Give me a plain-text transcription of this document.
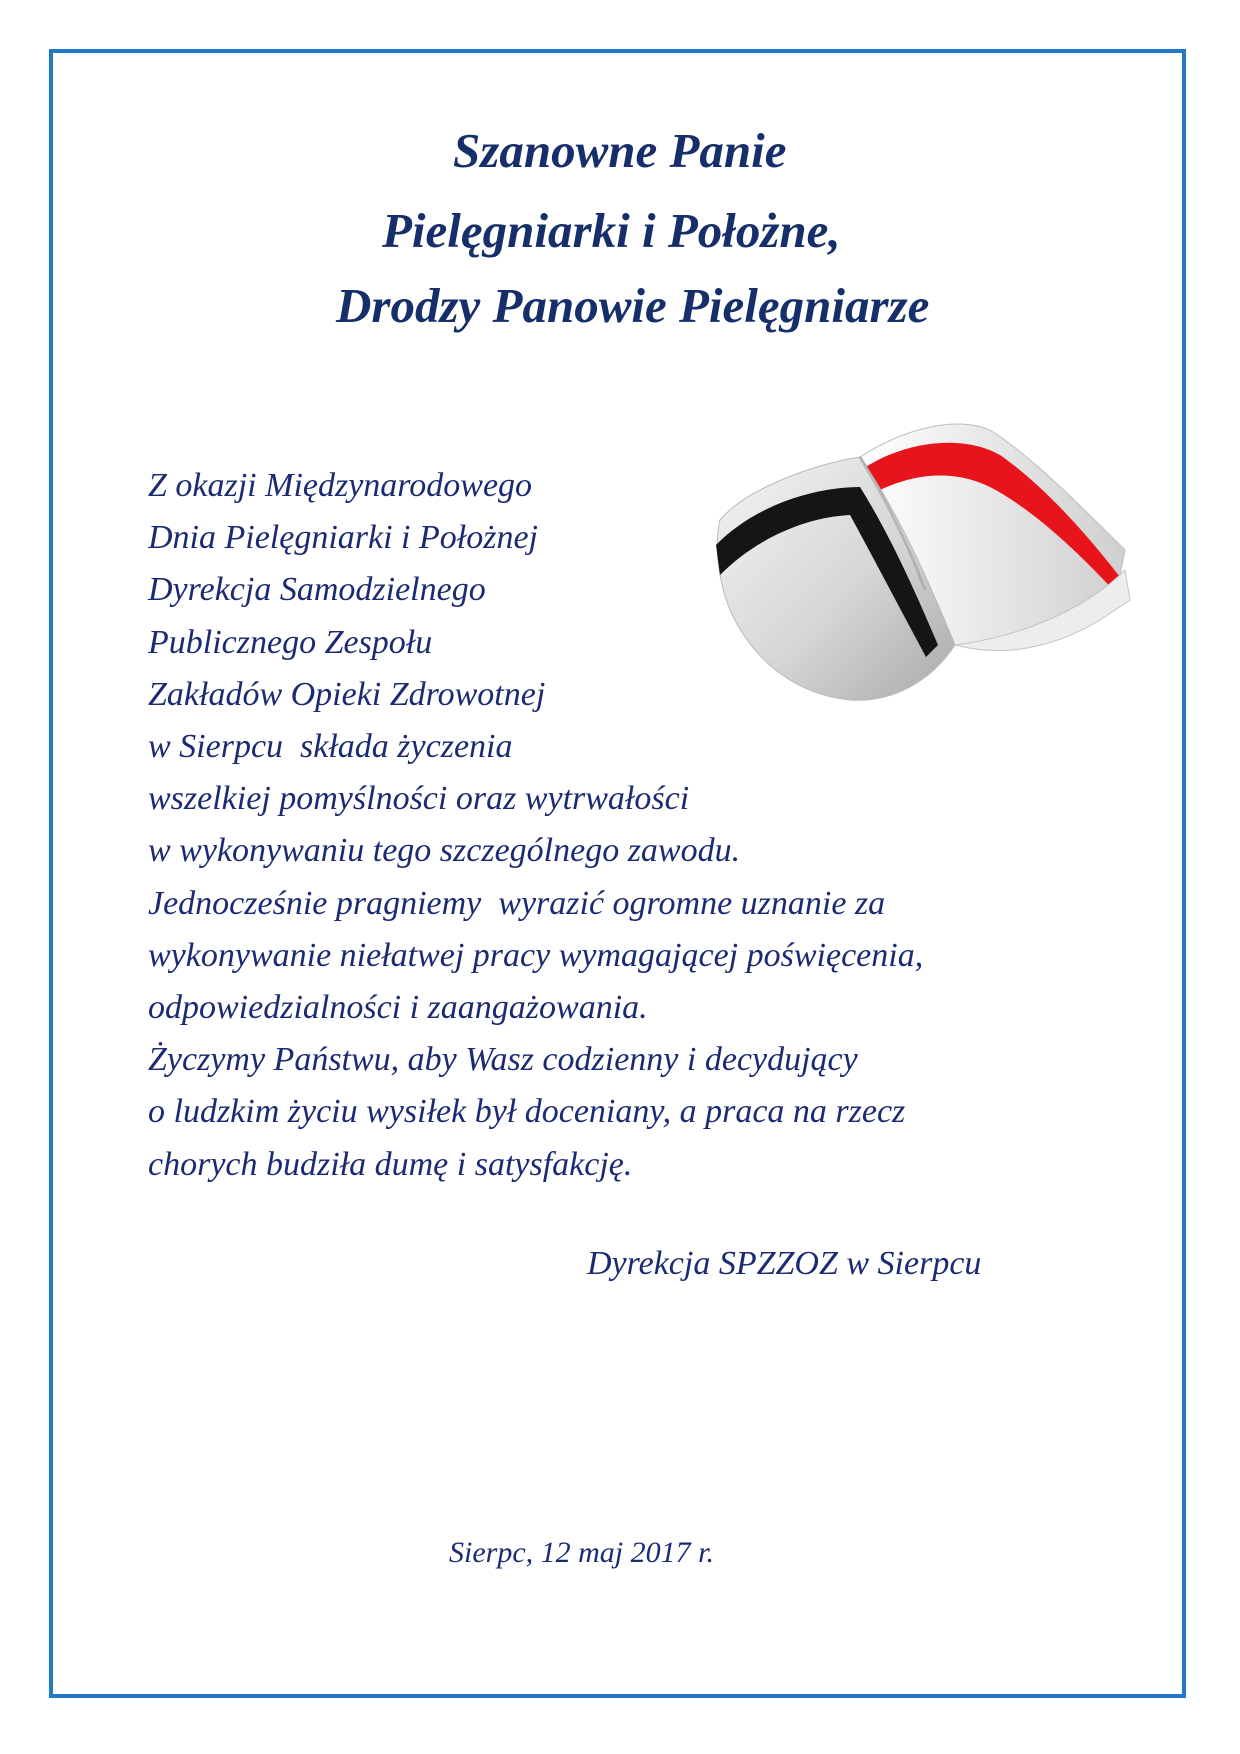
Szanowne Panie
Pielęgniarki i Położne,
Drodzy Panowie Pielęgniarze
Z okazji Międzynarodowego
Dnia Pielęgniarki i Położnej
Dyrekcja Samodzielnego
Publicznego Zespołu
Zakładów Opieki Zdrowotnej
w Sierpcu  składa życzenia
wszelkiej pomyślności oraz wytrwałości
w wykonywaniu tego szczególnego zawodu.
Jednocześnie pragniemy  wyrazić ogromne uznanie za
wykonywanie niełatwej pracy wymagającej poświęcenia,
odpowiedzialności i zaangażowania.
Życzymy Państwu, aby Wasz codzienny i decydujący
o ludzkim życiu wysiłek był doceniany, a praca na rzecz
chorych budziła dumę i satysfakcję.
Dyrekcja SPZZOZ w Sierpcu
Sierpc, 12 maj 2017 r.
